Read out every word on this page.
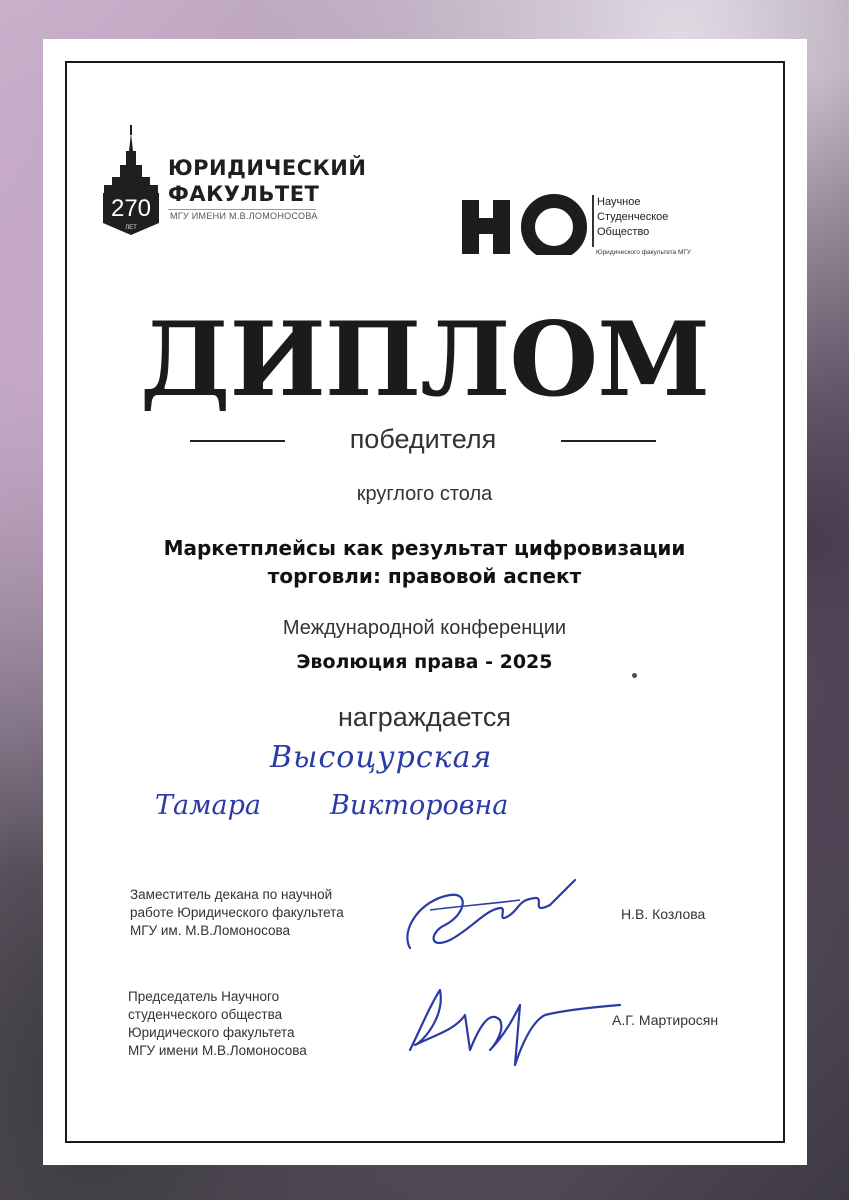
270
ЛЕТ
ЮРИДИЧЕСКИЙ
ФАКУЛЬТЕТ
МГУ ИМЕНИ М.В.ЛОМОНОСОВА
Научное
Студенческое
Общество
Юридического факультета МГУ
ДИПЛОМ
победителя
круглого стола
Маркетплейсы как результат цифровизации
торговли: правовой аспект
Международной конференции
Эволюция права - 2025
награждается
Высоцурская
Тамара	Викторовна
Заместитель декана по научной
работе Юридического факультета
МГУ им. М.В.Ломоносова
Н.В. Козлова
Председатель Научного
студенческого общества
Юридического факультета
МГУ имени М.В.Ломоносова
А.Г. Мартиросян
